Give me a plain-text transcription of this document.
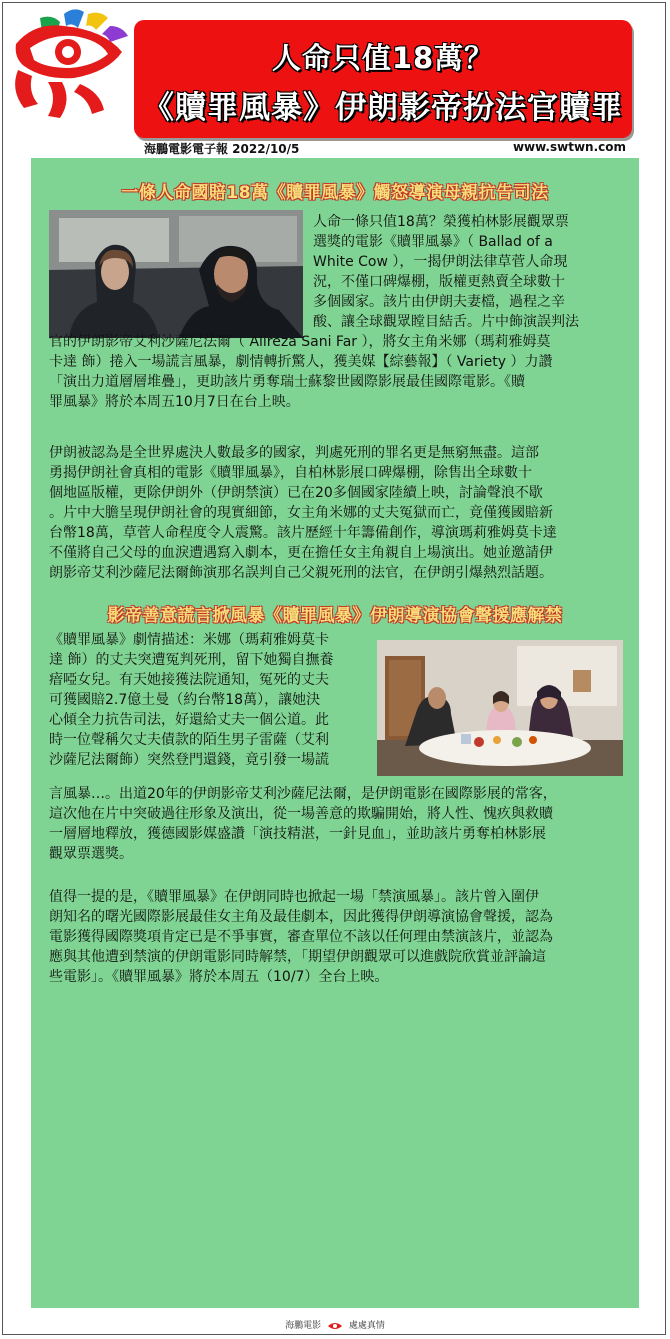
人命只值18萬？
《贖罪風暴》伊朗影帝扮法官贖罪
海鵬電影電子報 2022/10/5	www.swtwn.com
一條人命國賠18萬《贖罪風暴》觸怒導演母親抗告司法
人命一條只值18萬？榮獲柏林影展觀眾票
選獎的電影《贖罪風暴》（ Ballad of a
White Cow ），一揭伊朗法律草菅人命現
況，不僅口碑爆棚，版權更熱賣全球數十
多個國家。該片由伊朗夫妻檔，過程之辛
酸、讓全球觀眾瞠目結舌。片中飾演誤判法
官的伊朗影帝艾利沙薩尼法爾（ Alireza Sani Far ），將女主角米娜（瑪莉雅姆莫
卡達 飾）捲入一場謊言風暴，劇情轉折驚人，獲美媒【綜藝報】（ Variety ）力讚
「演出力道層層堆疊」，更助該片勇奪瑞士蘇黎世國際影展最佳國際電影。《贖
罪風暴》將於本周五10月7日在台上映。
伊朗被認為是全世界處決人數最多的國家，判處死刑的罪名更是無窮無盡。這部
勇揭伊朗社會真相的電影《贖罪風暴》，自柏林影展口碑爆棚，除售出全球數十
個地區版權，更除伊朗外（伊朗禁演）已在20多個國家陸續上映，討論聲浪不歇
。片中大膽呈現伊朗社會的現實細節，女主角米娜的丈夫冤獄而亡，竟僅獲國賠新
台幣18萬，草菅人命程度令人震驚。該片歷經十年籌備創作，導演瑪莉雅姆莫卡達
不僅將自己父母的血淚遭遇寫入劇本，更在擔任女主角親自上場演出。她並邀請伊
朗影帝艾利沙薩尼法爾飾演那名誤判自己父親死刑的法官，在伊朗引爆熱烈話題。
影帝善意謊言掀風暴《贖罪風暴》伊朗導演協會聲援應解禁
《贖罪風暴》劇情描述：米娜（瑪莉雅姆莫卡
達 飾）的丈夫突遭冤判死刑，留下她獨自撫養
瘖啞女兒。有天她接獲法院通知，冤死的丈夫
可獲國賠2.7億土曼（約台幣18萬），讓她決
心傾全力抗告司法，好還給丈夫一個公道。此
時一位聲稱欠丈夫債款的陌生男子雷薩（艾利
沙薩尼法爾飾）突然登門還錢，竟引發一場謊
言風暴…。出道20年的伊朗影帝艾利沙薩尼法爾，是伊朗電影在國際影展的常客，
這次他在片中突破過往形象及演出，從一場善意的欺騙開始，將人性、愧疚與救贖
一層層地釋放，獲德國影媒盛讚「演技精湛，一針見血」，並助該片勇奪柏林影展
觀眾票選獎。
值得一提的是，《贖罪風暴》在伊朗同時也掀起一場「禁演風暴」。該片曾入圍伊
朗知名的曙光國際影展最佳女主角及最佳劇本，因此獲得伊朗導演協會聲援，認為
電影獲得國際獎項肯定已是不爭事實，審查單位不該以任何理由禁演該片，並認為
應與其他遭到禁演的伊朗電影同時解禁，「期望伊朗觀眾可以進戲院欣賞並評論這
些電影」。《贖罪風暴》將於本周五（10/7）全台上映。
海鵬電影	處處真情
